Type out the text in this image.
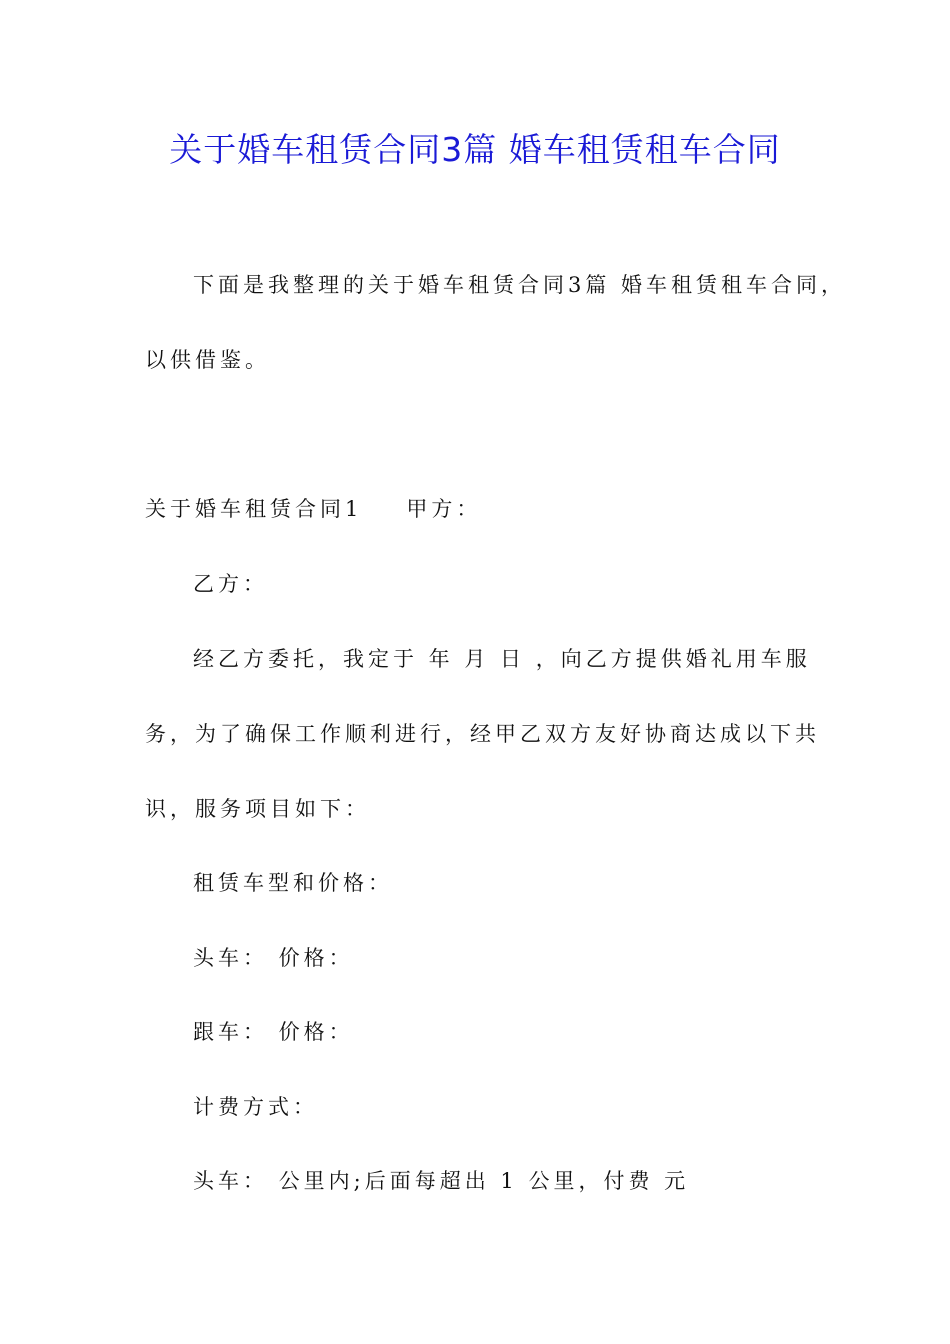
关于婚车租赁合同3篇 婚车租赁租车合同
下面是我整理的关于婚车租赁合同3篇 婚车租赁租车合同，
以供借鉴。
关于婚车租赁合同1 甲方：
乙方：
经乙方委托，我定于 年 月 日 ，向乙方提供婚礼用车服
务，为了确保工作顺利进行，经甲乙双方友好协商达成以下共
识，服务项目如下：
租赁车型和价格：
头车： 价格：
跟车： 价格：
计费方式：
头车： 公里内;后面每超出 1 公里，付费 元
